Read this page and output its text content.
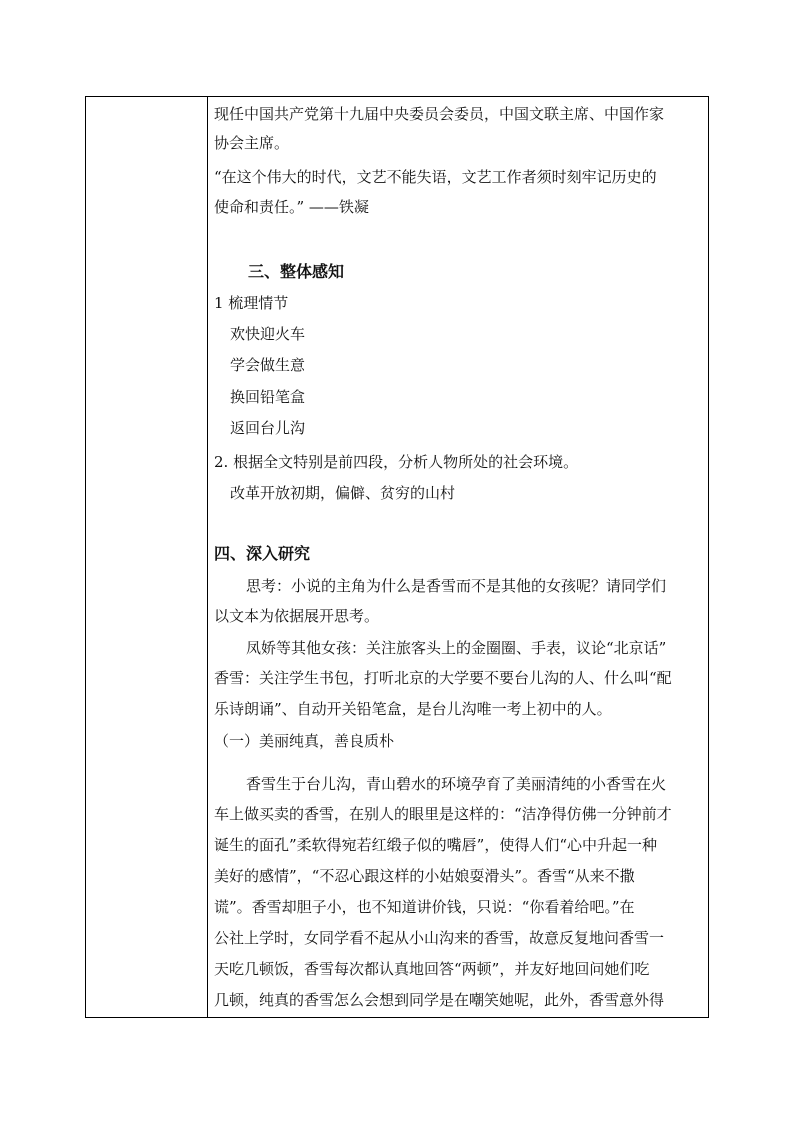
现任中国共产党第十九届中央委员会委员，中国文联主席、中国作家
协会主席。
“在这个伟大的时代，文艺不能失语，文艺工作者须时刻牢记历史的
使命和责任。” ——铁凝
三、整体感知
1 梳理情节
欢快迎火车
学会做生意
换回铅笔盒
返回台儿沟
2. 根据全文特别是前四段，分析人物所处的社会环境。
改革开放初期，偏僻、贫穷的山村
四、深入研究
思考：小说的主角为什么是香雪而不是其他的女孩呢？请同学们
以文本为依据展开思考。
凤娇等其他女孩：关注旅客头上的金圈圈、手表，议论“北京话”
香雪：关注学生书包，打听北京的大学要不要台儿沟的人、什么叫“配
乐诗朗诵”、自动开关铅笔盒，是台儿沟唯一考上初中的人。
（一）美丽纯真，善良质朴
香雪生于台儿沟，青山碧水的环境孕育了美丽清纯的小香雪在火
车上做买卖的香雪，在别人的眼里是这样的：“洁净得仿佛一分钟前才
诞生的面孔”柔软得宛若红缎子似的嘴唇”，使得人们“心中升起一种
美好的感情”，“不忍心跟这样的小姑娘耍滑头”。香雪“从来不撒
谎”。香雪却胆子小，也不知道讲价钱，只说：“你看着给吧。”在
公社上学时，女同学看不起从小山沟来的香雪，故意反复地问香雪一
天吃几顿饭，香雪每次都认真地回答“两顿”，并友好地回问她们吃
几顿，纯真的香雪怎么会想到同学是在嘲笑她呢，此外，香雪意外得
